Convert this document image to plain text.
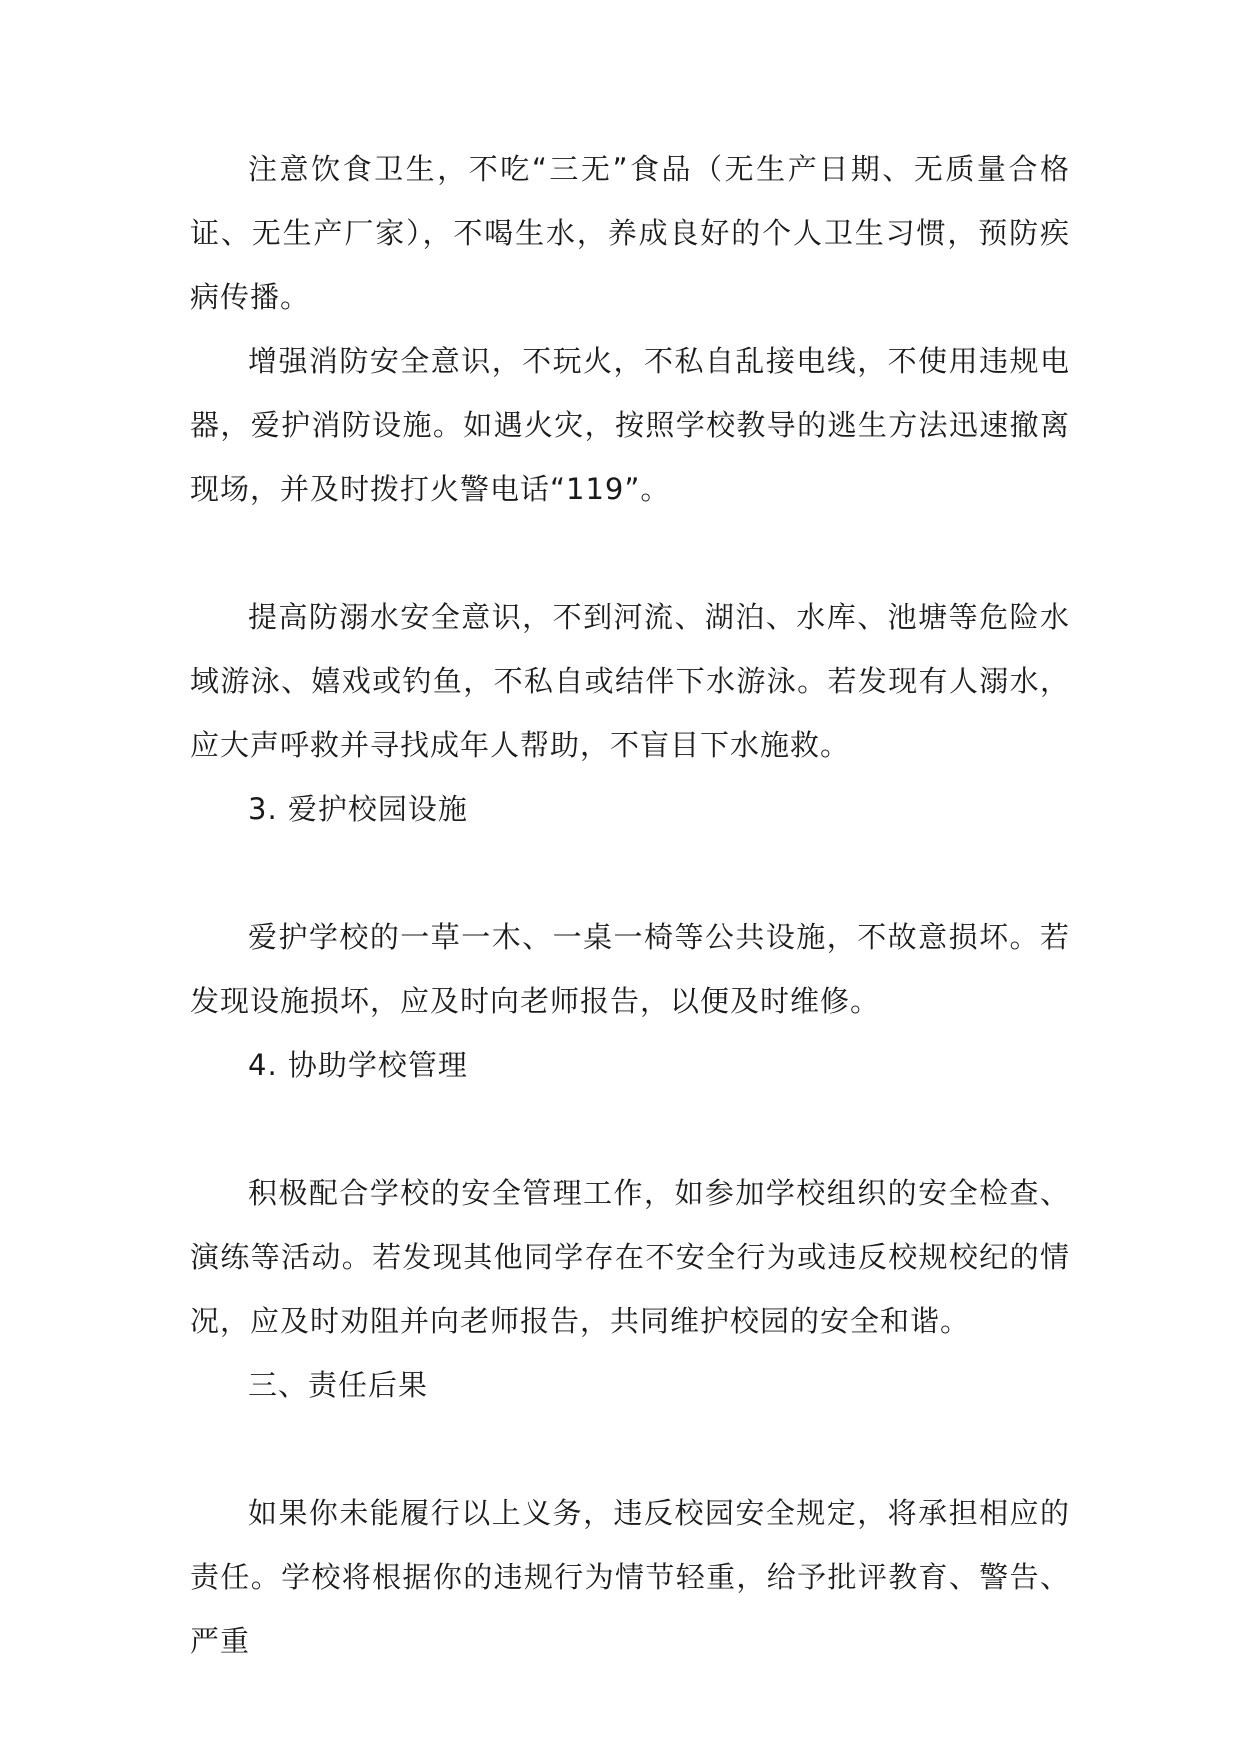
注意饮食卫生，不吃“三无”食品（无生产日期、无质量合格证、无生产厂家），不喝生水，养成良好的个人卫生习惯，预防疾病传播。

增强消防安全意识，不玩火，不私自乱接电线，不使用违规电器，爱护消防设施。如遇火灾，按照学校教导的逃生方法迅速撤离现场，并及时拨打火警电话“119”。

提高防溺水安全意识，不到河流、湖泊、水库、池塘等危险水域游泳、嬉戏或钓鱼，不私自或结伴下水游泳。若发现有人溺水，应大声呼救并寻找成年人帮助，不盲目下水施救。

3. 爱护校园设施

爱护学校的一草一木、一桌一椅等公共设施，不故意损坏。若发现设施损坏，应及时向老师报告，以便及时维修。

4. 协助学校管理

积极配合学校的安全管理工作，如参加学校组织的安全检查、演练等活动。若发现其他同学存在不安全行为或违反校规校纪的情况，应及时劝阻并向老师报告，共同维护校园的安全和谐。

三、责任后果

如果你未能履行以上义务，违反校园安全规定，将承担相应的责任。学校将根据你的违规行为情节轻重，给予批评教育、警告、严重
